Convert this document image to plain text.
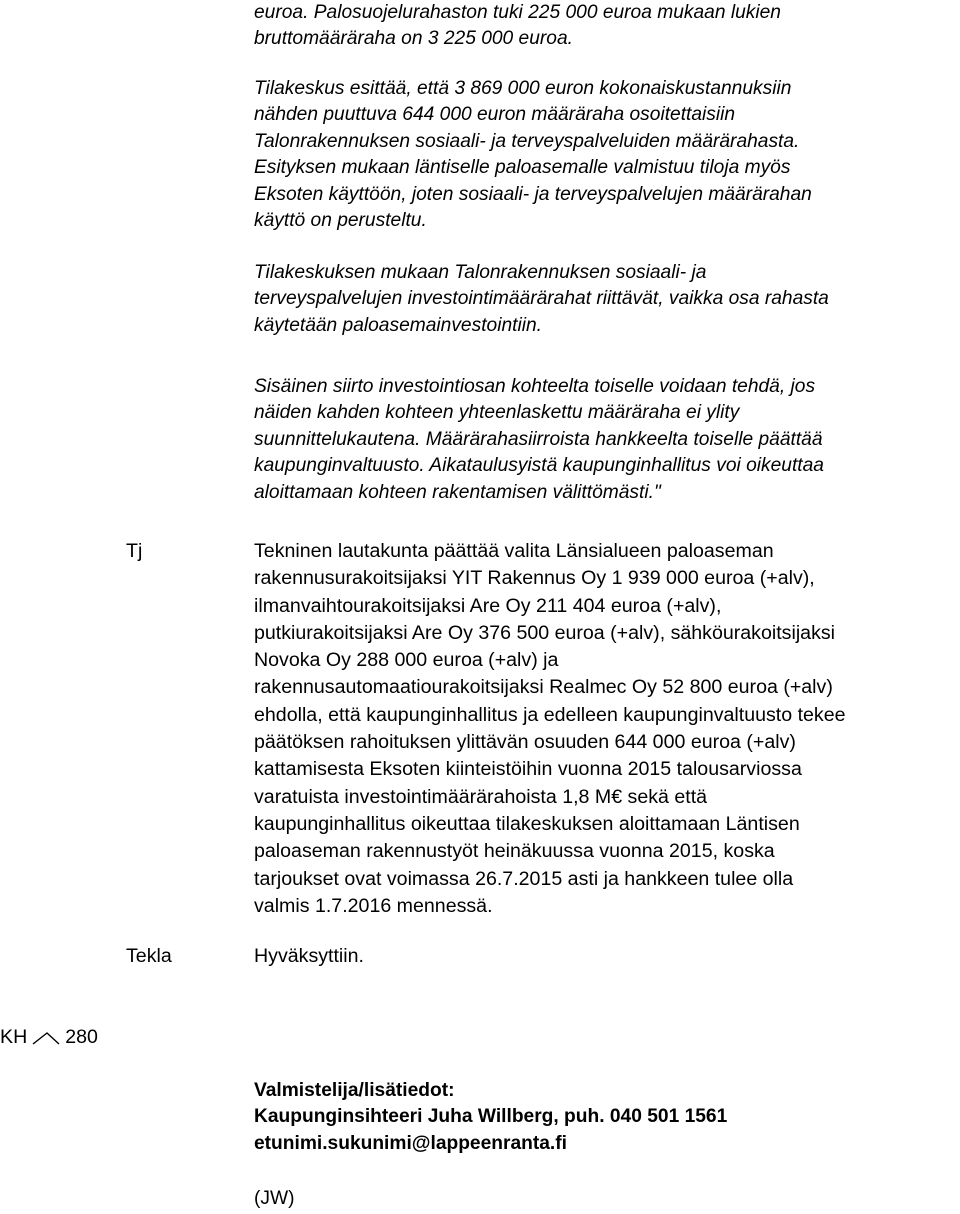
euroa. Palosuojelurahaston tuki 225 000 euroa mukaan lukien
bruttomääräraha on 3 225 000 euroa.
Tilakeskus esittää, että 3 869 000 euron kokonaiskustannuksiin
nähden puuttuva 644 000 euron määräraha osoitettaisiin
Talonrakennuksen sosiaali- ja terveyspalveluiden määrärahasta.
Esityksen mukaan läntiselle paloasemalle valmistuu tiloja myös
Eksoten käyttöön, joten sosiaali- ja terveyspalvelujen määrärahan
käyttö on perusteltu.
Tilakeskuksen mukaan Talonrakennuksen sosiaali- ja
terveyspalvelujen investointimäärärahat riittävät, vaikka osa rahasta
käytetään paloasemainvestointiin.
Sisäinen siirto investointiosan kohteelta toiselle voidaan tehdä, jos
näiden kahden kohteen yhteenlaskettu määräraha ei ylity
suunnittelukautena. Määrärahasiirroista hankkeelta toiselle päättää
kaupunginvaltuusto. Aikataulusyistä kaupunginhallitus voi oikeuttaa
aloittamaan kohteen rakentamisen välittömästi."
Tj	Tekninen lautakunta päättää valita Länsialueen paloaseman
rakennusurakoitsijaksi YIT Rakennus Oy 1 939 000 euroa (+alv),
ilmanvaihtourakoitsijaksi Are Oy 211 404 euroa (+alv),
putkiurakoitsijaksi Are Oy 376 500 euroa (+alv), sähköurakoitsijaksi
Novoka Oy 288 000 euroa (+alv) ja
rakennusautomaatiourakoitsijaksi Realmec Oy 52 800 euroa (+alv)
ehdolla, että kaupunginhallitus ja edelleen kaupunginvaltuusto tekee
päätöksen rahoituksen ylittävän osuuden 644 000 euroa (+alv)
kattamisesta Eksoten kiinteistöihin vuonna 2015 talousarviossa
varatuista investointimäärärahoista 1,8 M€ sekä että
kaupunginhallitus oikeuttaa tilakeskuksen aloittamaan Läntisen
paloaseman rakennustyöt heinäkuussa vuonna 2015, koska
tarjoukset ovat voimassa 26.7.2015 asti ja hankkeen tulee olla
valmis 1.7.2016 mennessä.
Tekla	Hyväksyttiin.
KH 280
Valmistelija/lisätiedot:
Kaupunginsihteeri Juha Willberg, puh. 040 501 1561
etunimi.sukunimi@lappeenranta.fi
(JW)
